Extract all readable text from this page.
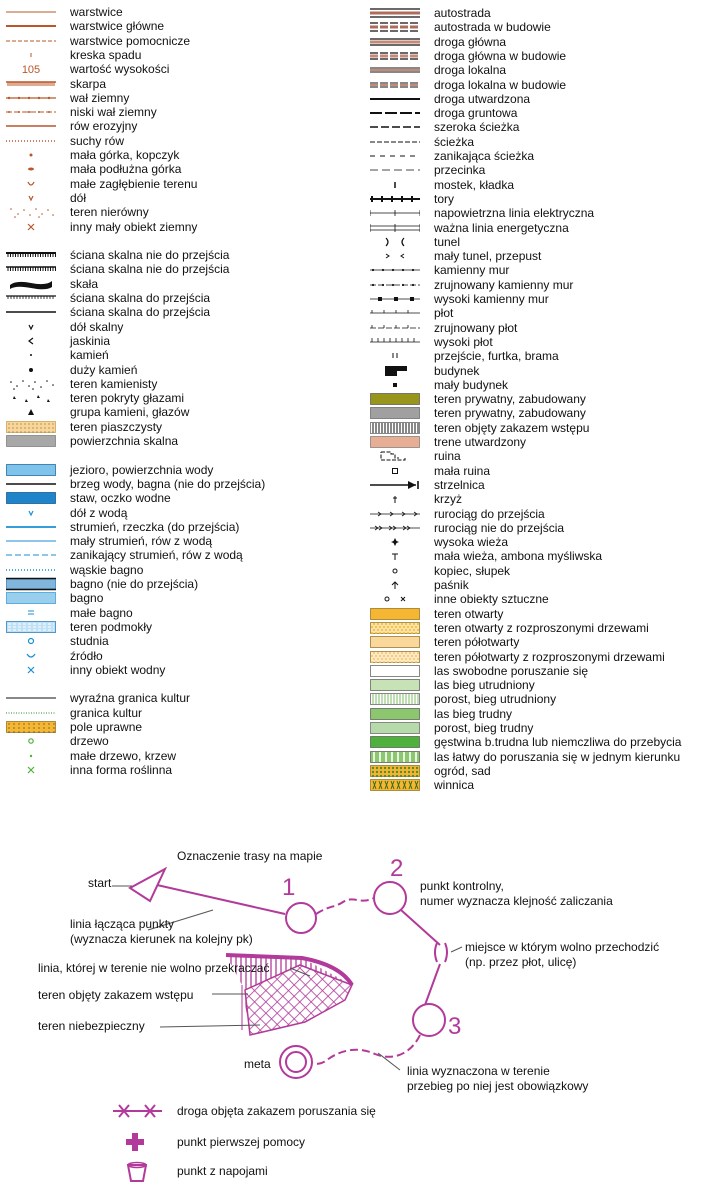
warstwice
warstwice główne
warstwice pomocnicze
kreska spadu
105 wartość wysokości
skarpa
wał ziemny
niski wał ziemny
rów erozyjny
suchy rów
mała górka, kopczyk
mała podłużna górka
małe zagłębienie terenu
dół
teren nierówny
inny mały obiekt ziemny
ściana skalna nie do przejścia
ściana skalna nie do przejścia
skała
ściana skalna do przejścia
ściana skalna do przejścia
dół skalny
jaskinia
kamień
duży kamień
teren kamienisty
teren pokryty głazami
grupa kamieni, głazów
teren piaszczysty
powierzchnia skalna
jezioro, powierzchnia wody
brzeg wody, bagna (nie do przejścia)
staw, oczko wodne
dół z wodą
strumień, rzeczka (do przejścia)
mały strumień, rów z wodą
zanikający strumień, rów z wodą
wąskie bagno
bagno (nie do przejścia)
bagno
małe bagno
teren podmokły
studnia
źródło
inny obiekt wodny
wyraźna granica kultur
granica kultur
pole uprawne
drzewo
małe drzewo, krzew
inna forma roślinna
autostrada
autostrada w budowie
droga główna
droga główna w budowie
droga lokalna
droga lokalna w budowie
droga utwardzona
droga gruntowa
szeroka ścieżka
ścieżka
zanikająca ścieżka
przecinka
mostek, kładka
tory
napowietrzna linia elektryczna
ważna linia energetyczna
tunel
mały tunel, przepust
kamienny mur
zrujnowany kamienny mur
wysoki kamienny mur
płot
zrujnowany płot
wysoki płot
przejście, furtka, brama
budynek
mały budynek
teren prywatny, zabudowany
teren prywatny, zabudowany
teren objęty zakazem wstępu
trene utwardzony
ruina
mała ruina
strzelnica
krzyż
rurociąg do przejścia
rurociąg nie do przejścia
wysoka wieża
mała wieża, ambona myśliwska
kopiec, słupek
paśnik
inne obiekty sztuczne
teren otwarty
teren otwarty z rozproszonymi drzewami
teren półotwarty
teren półotwarty z rozproszonymi drzewami
las swobodne poruszanie się
las bieg utrudniony
porost, bieg utrudniony
las bieg trudny
porost, bieg trudny
gęstwina b.trudna lub niemczliwa do przebycia
las łatwy do poruszania się w jednym kierunku
ogród, sad
winnica
Oznaczenie trasy na mapie
start
linia łącząca punkty
(wyznacza kierunek na kolejny pk)
1
2
punkt kontrolny,
numer wyznacza klejność zaliczania
miejsce w którym wolno przechodzić
(np. przez płot, ulicę)
3
linia, której w terenie nie wolno przekraczać
teren objęty zakazem wstępu
teren niebezpieczny
meta	linia wyznaczona w terenie
przebieg po niej jest obowiązkowy
droga objęta zakazem poruszania się
punkt pierwszej pomocy
punkt z napojami
